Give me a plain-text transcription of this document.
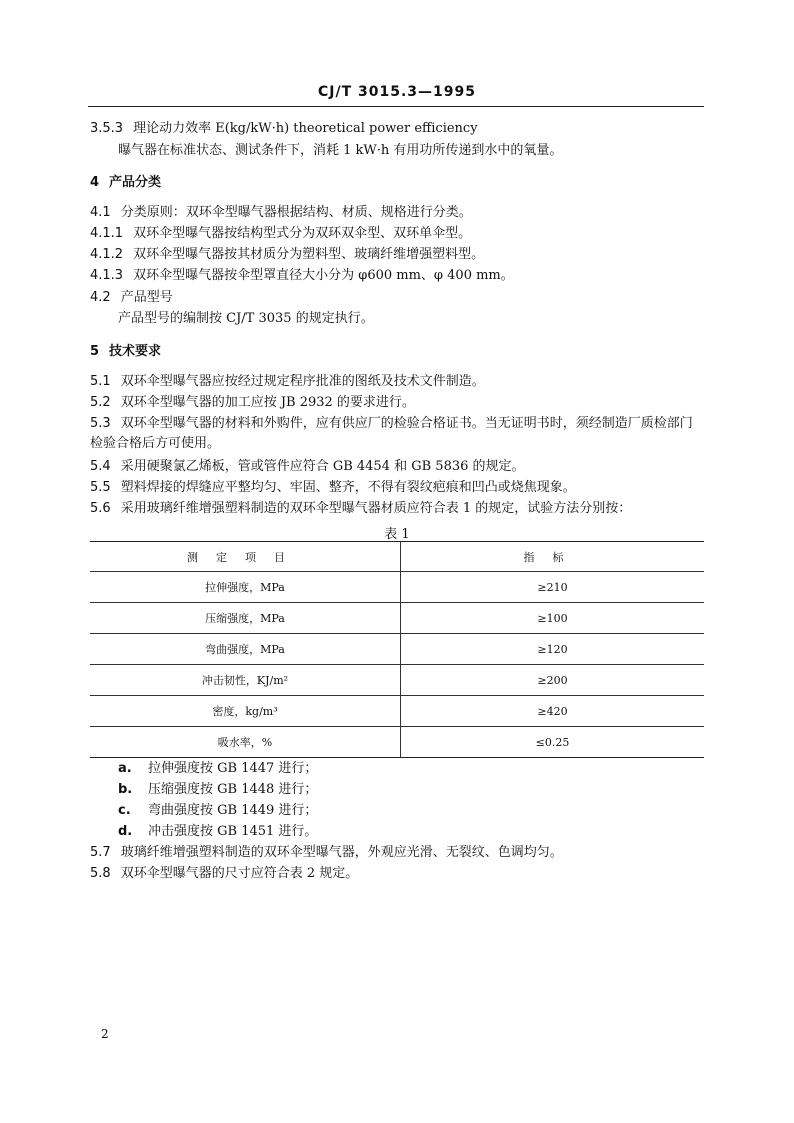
CJ/T 3015.3—1995
3.5.3 理论动力效率 E(kg/kW·h) theoretical power efficiency
曝气器在标准状态、测试条件下，消耗 1 kW·h 有用功所传递到水中的氧量。
4 产品分类
4.1 分类原则：双环伞型曝气器根据结构、材质、规格进行分类。
4.1.1 双环伞型曝气器按结构型式分为双环双伞型、双环单伞型。
4.1.2 双环伞型曝气器按其材质分为塑料型、玻璃纤维增强塑料型。
4.1.3 双环伞型曝气器按伞型罩直径大小分为 φ600 mm、φ 400 mm。
4.2 产品型号
产品型号的编制按 CJ/T 3035 的规定执行。
5 技术要求
5.1 双环伞型曝气器应按经过规定程序批准的图纸及技术文件制造。
5.2 双环伞型曝气器的加工应按 JB 2932 的要求进行。
5.3 双环伞型曝气器的材料和外购件，应有供应厂的检验合格证书。当无证明书时，须经制造厂质检部门检验合格后方可使用。
5.4 采用硬聚氯乙烯板，管或管件应符合 GB 4454 和 GB 5836 的规定。
5.5 塑料焊接的焊缝应平整均匀、牢固、整齐，不得有裂纹疤痕和凹凸或烧焦现象。
5.6 采用玻璃纤维增强塑料制造的双环伞型曝气器材质应符合表 1 的规定，试验方法分别按：
表 1
测定项目	指标
拉伸强度，MPa	≥210
压缩强度，MPa	≥100
弯曲强度，MPa	≥120
冲击韧性，KJ/m²	≥200
密度，kg/m³	≥420
吸水率，%	≤0.25
a. 拉伸强度按 GB 1447 进行；
b. 压缩强度按 GB 1448 进行；
c. 弯曲强度按 GB 1449 进行；
d. 冲击强度按 GB 1451 进行。
5.7 玻璃纤维增强塑料制造的双环伞型曝气器，外观应光滑、无裂纹、色调均匀。
5.8 双环伞型曝气器的尺寸应符合表 2 规定。
2
